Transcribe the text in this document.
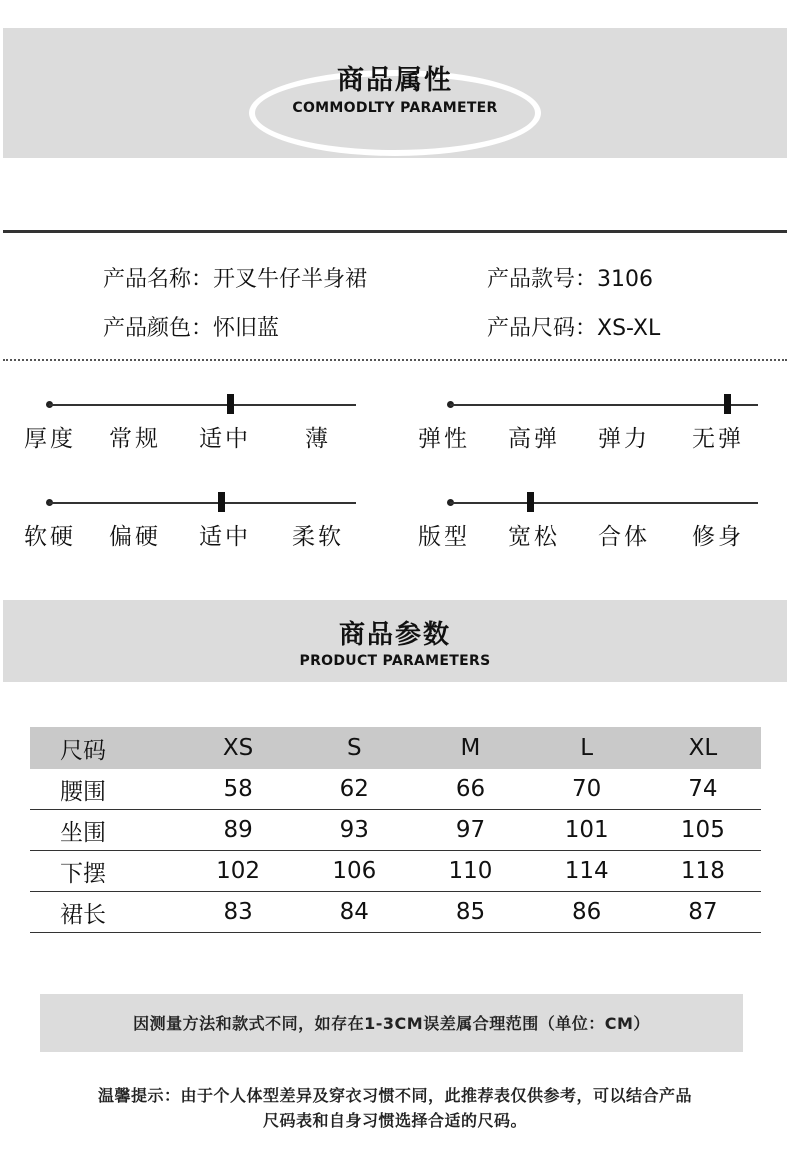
商品属性
COMMODLTY PARAMETER
产品名称：开叉牛仔半身裙	产品款号：3106
产品颜色：怀旧蓝	产品尺码：XS-XL
厚度 常规 适中 薄	弹性 高弹 弹力 无弹
软硬 偏硬 适中 柔软	版型 宽松 合体 修身
商品参数
PRODUCT PARAMETERS
尺码	XS	S	M	L	XL
腰围	58	62	66	70	74
坐围	89	93	97	101	105
下摆	102	106	110	114	118
裙长	83	84	85	86	87
因测量方法和款式不同，如存在1-3CM误差属合理范围（单位：CM）
温馨提示：由于个人体型差异及穿衣习惯不同，此推荐表仅供参考，可以结合产品
尺码表和自身习惯选择合适的尺码。
